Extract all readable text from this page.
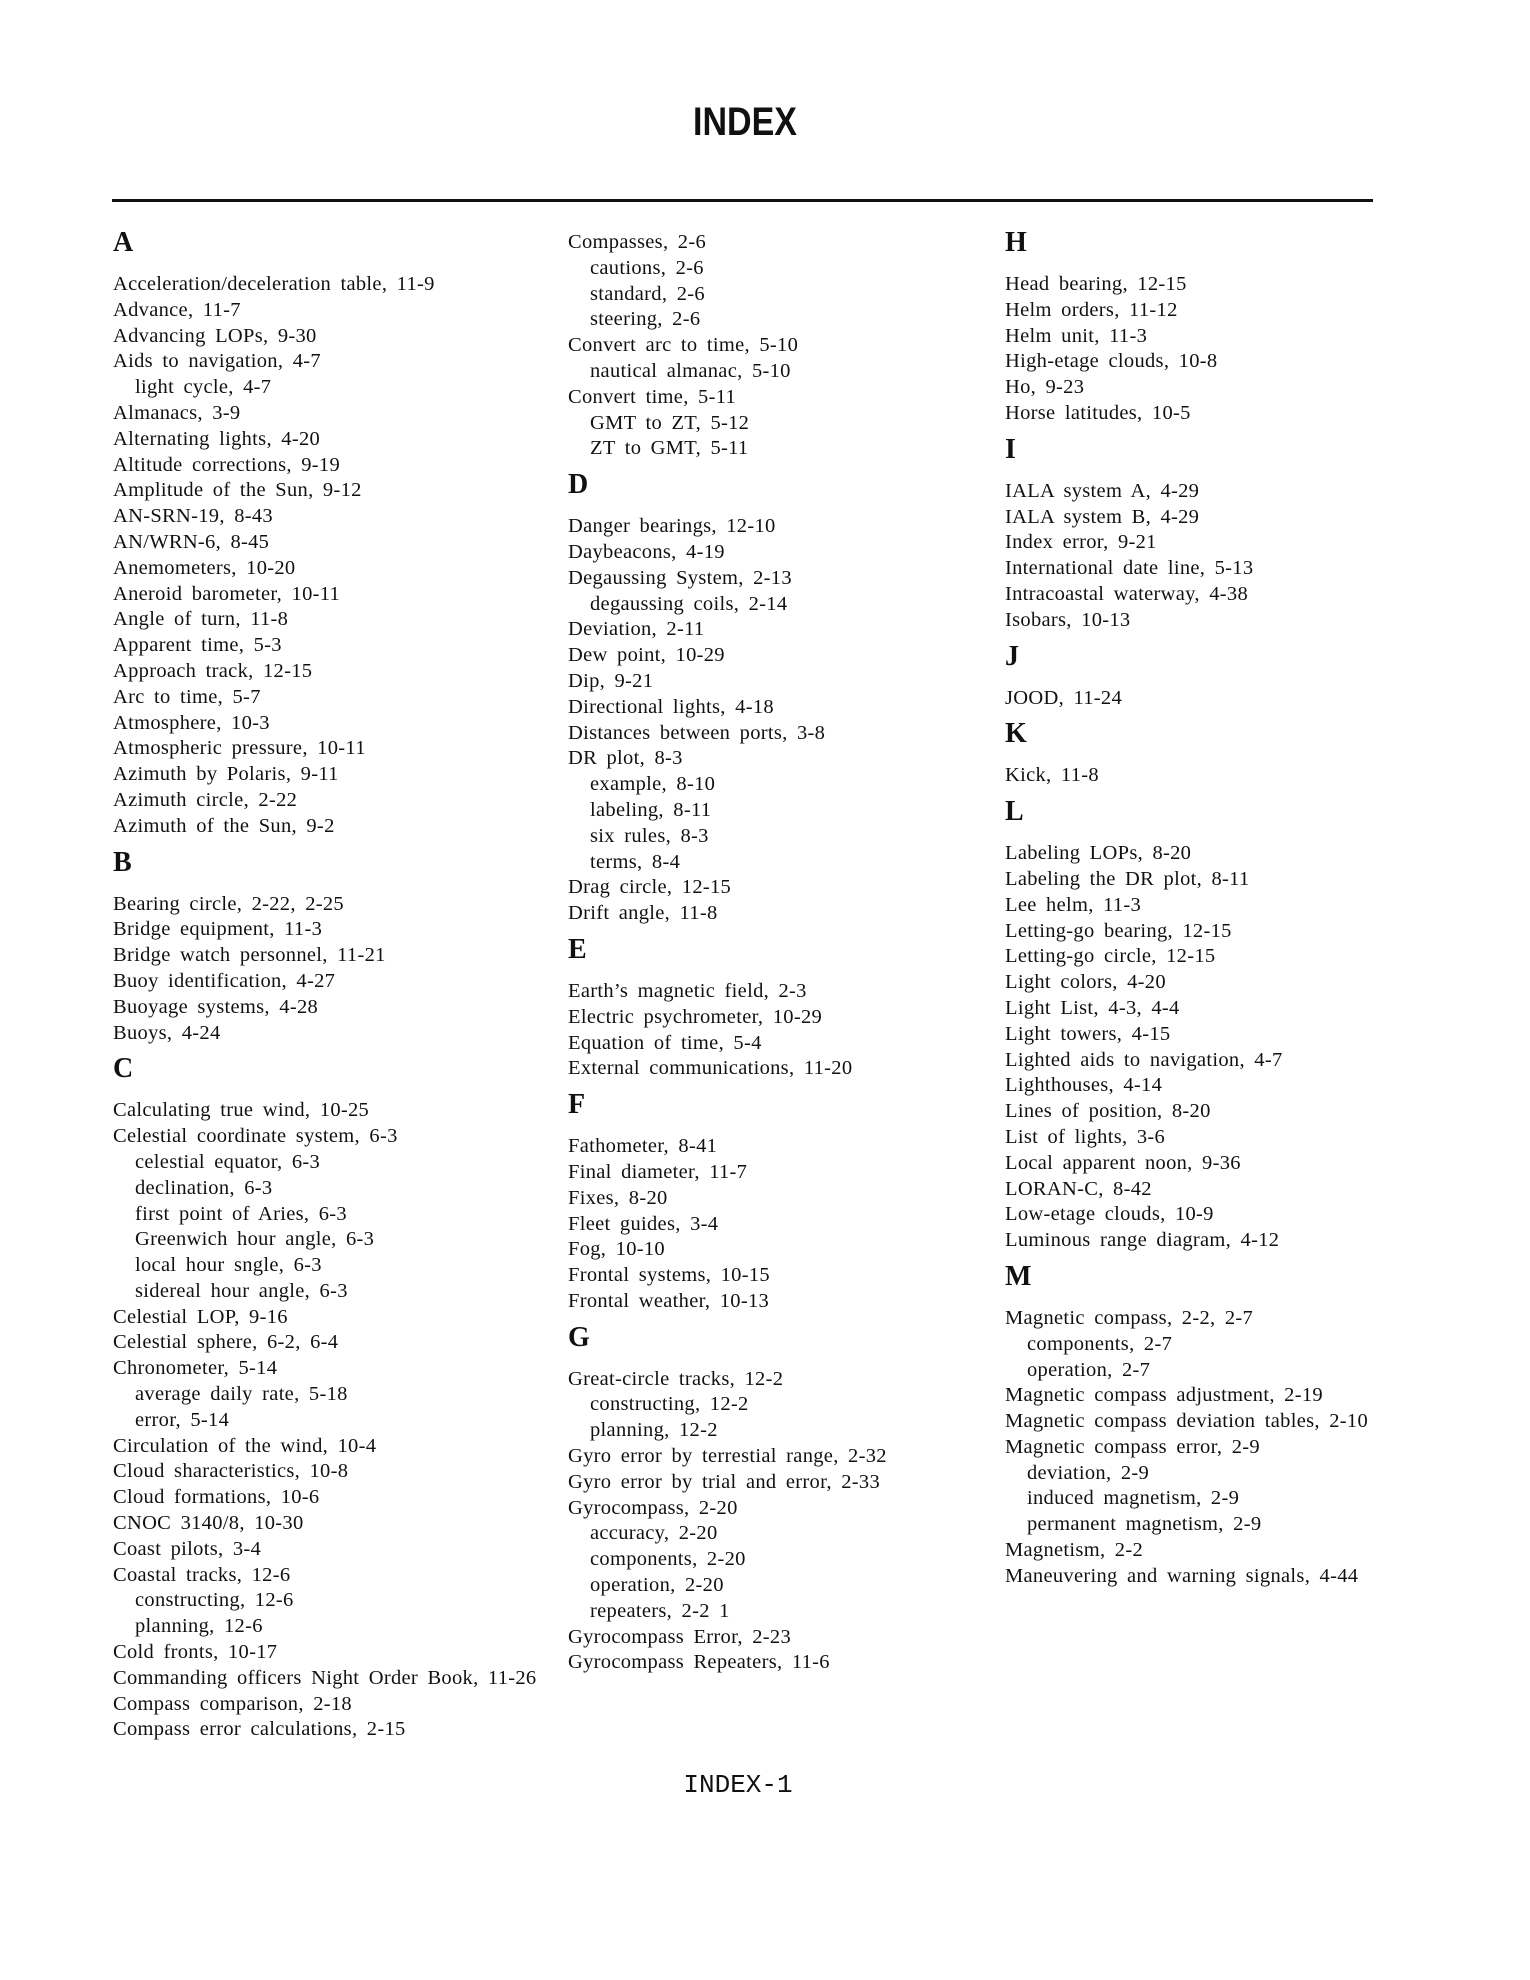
INDEX
A
Acceleration/deceleration table, 11-9
Advance, 11-7
Advancing LOPs, 9-30
Aids to navigation, 4-7
light cycle, 4-7
Almanacs, 3-9
Alternating lights, 4-20
Altitude corrections, 9-19
Amplitude of the Sun, 9-12
AN-SRN-19, 8-43
AN/WRN-6, 8-45
Anemometers, 10-20
Aneroid barometer, 10-11
Angle of turn, 11-8
Apparent time, 5-3
Approach track, 12-15
Arc to time, 5-7
Atmosphere, 10-3
Atmospheric pressure, 10-11
Azimuth by Polaris, 9-11
Azimuth circle, 2-22
Azimuth of the Sun, 9-2
B
Bearing circle, 2-22, 2-25
Bridge equipment, 11-3
Bridge watch personnel, 11-21
Buoy identification, 4-27
Buoyage systems, 4-28
Buoys, 4-24
C
Calculating true wind, 10-25
Celestial coordinate system, 6-3
celestial equator, 6-3
declination, 6-3
first point of Aries, 6-3
Greenwich hour angle, 6-3
local hour sngle, 6-3
sidereal hour angle, 6-3
Celestial LOP, 9-16
Celestial sphere, 6-2, 6-4
Chronometer, 5-14
average daily rate, 5-18
error, 5-14
Circulation of the wind, 10-4
Cloud sharacteristics, 10-8
Cloud formations, 10-6
CNOC 3140/8, 10-30
Coast pilots, 3-4
Coastal tracks, 12-6
constructing, 12-6
planning, 12-6
Cold fronts, 10-17
Commanding officers Night Order Book, 11-26
Compass comparison, 2-18
Compass error calculations, 2-15
Compasses, 2-6
cautions, 2-6
standard, 2-6
steering, 2-6
Convert arc to time, 5-10
nautical almanac, 5-10
Convert time, 5-11
GMT to ZT, 5-12
ZT to GMT, 5-11
D
Danger bearings, 12-10
Daybeacons, 4-19
Degaussing System, 2-13
degaussing coils, 2-14
Deviation, 2-11
Dew point, 10-29
Dip, 9-21
Directional lights, 4-18
Distances between ports, 3-8
DR plot, 8-3
example, 8-10
labeling, 8-11
six rules, 8-3
terms, 8-4
Drag circle, 12-15
Drift angle, 11-8
E
Earth’s magnetic field, 2-3
Electric psychrometer, 10-29
Equation of time, 5-4
External communications, 11-20
F
Fathometer, 8-41
Final diameter, 11-7
Fixes, 8-20
Fleet guides, 3-4
Fog, 10-10
Frontal systems, 10-15
Frontal weather, 10-13
G
Great-circle tracks, 12-2
constructing, 12-2
planning, 12-2
Gyro error by terrestial range, 2-32
Gyro error by trial and error, 2-33
Gyrocompass, 2-20
accuracy, 2-20
components, 2-20
operation, 2-20
repeaters, 2-2 1
Gyrocompass Error, 2-23
Gyrocompass Repeaters, 11-6
H
Head bearing, 12-15
Helm orders, 11-12
Helm unit, 11-3
High-etage clouds, 10-8
Ho, 9-23
Horse latitudes, 10-5
I
IALA system A, 4-29
IALA system B, 4-29
Index error, 9-21
International date line, 5-13
Intracoastal waterway, 4-38
Isobars, 10-13
J
JOOD, 11-24
K
Kick, 11-8
L
Labeling LOPs, 8-20
Labeling the DR plot, 8-11
Lee helm, 11-3
Letting-go bearing, 12-15
Letting-go circle, 12-15
Light colors, 4-20
Light List, 4-3, 4-4
Light towers, 4-15
Lighted aids to navigation, 4-7
Lighthouses, 4-14
Lines of position, 8-20
List of lights, 3-6
Local apparent noon, 9-36
LORAN-C, 8-42
Low-etage clouds, 10-9
Luminous range diagram, 4-12
M
Magnetic compass, 2-2, 2-7
components, 2-7
operation, 2-7
Magnetic compass adjustment, 2-19
Magnetic compass deviation tables, 2-10
Magnetic compass error, 2-9
deviation, 2-9
induced magnetism, 2-9
permanent magnetism, 2-9
Magnetism, 2-2
Maneuvering and warning signals, 4-44
INDEX-1
